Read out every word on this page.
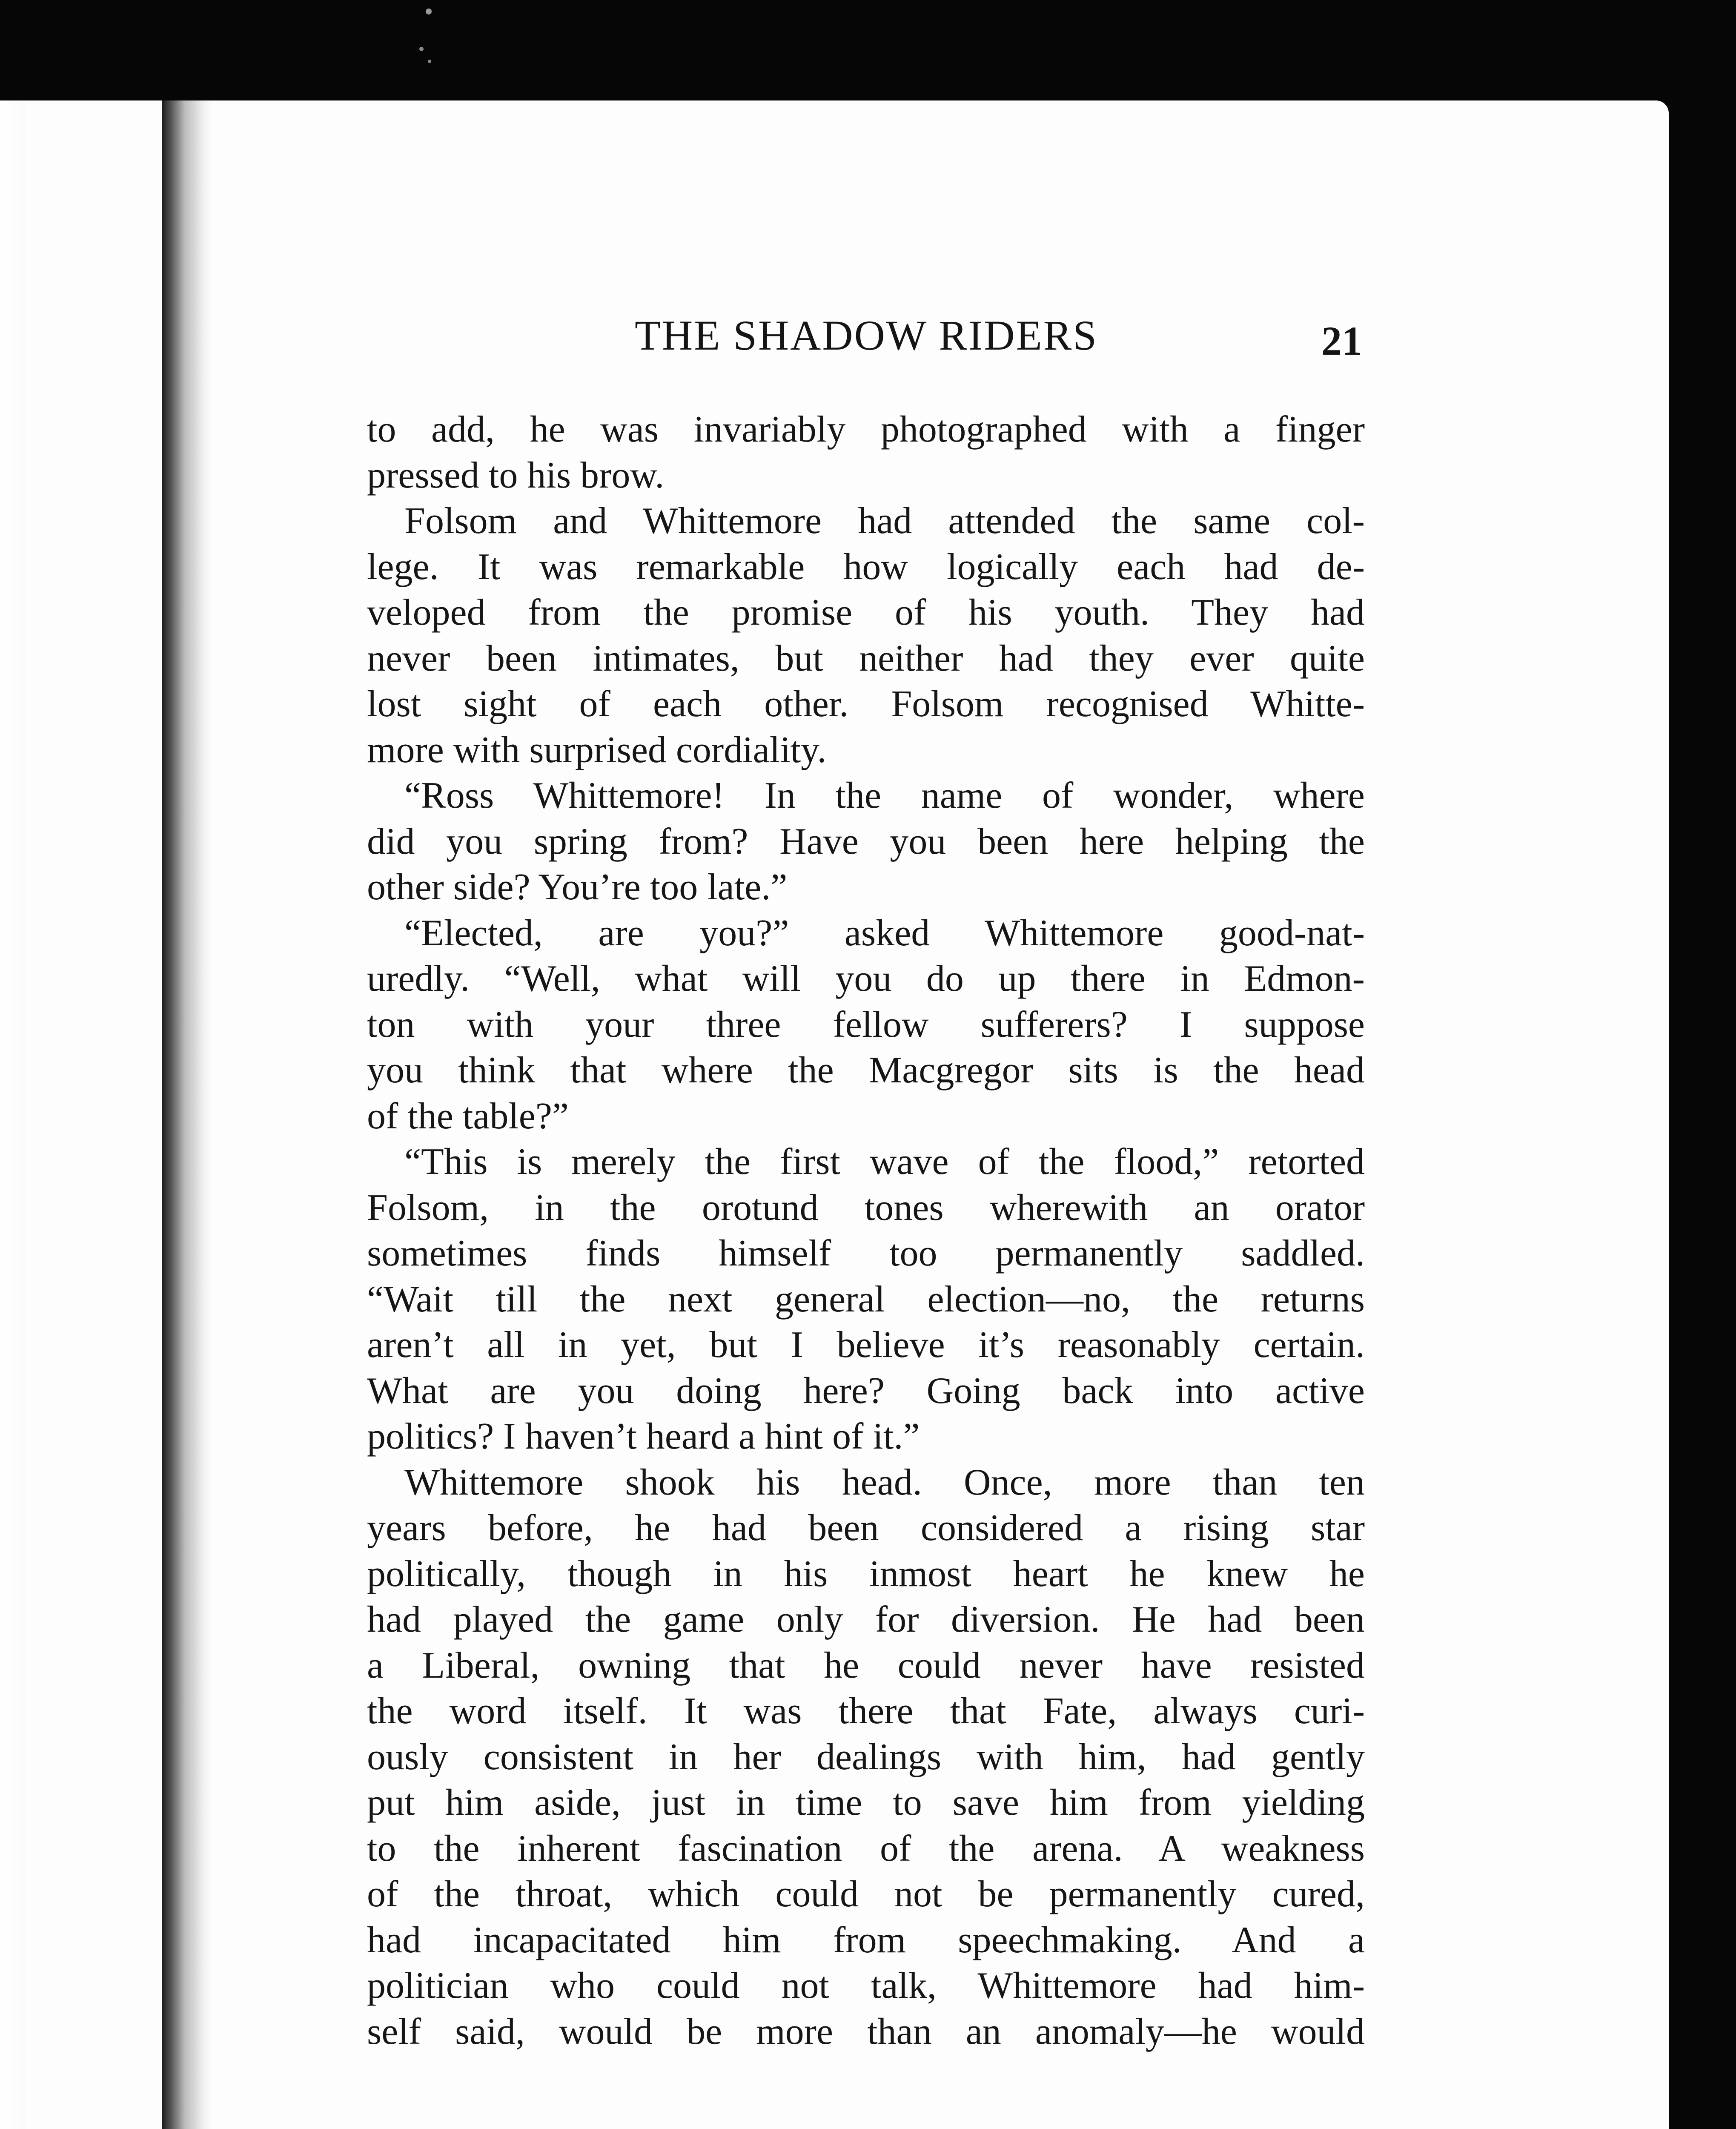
THE SHADOW RIDERS	21
to add, he was invariably photographed with a finger
pressed to his brow.
Folsom and Whittemore had attended the same col-
lege. It was remarkable how logically each had de-
veloped from the promise of his youth. They had
never been intimates, but neither had they ever quite
lost sight of each other. Folsom recognised Whitte-
more with surprised cordiality.
“Ross Whittemore! In the name of wonder, where
did you spring from? Have you been here helping the
other side? You’re too late.”
“Elected, are you?” asked Whittemore good-nat-
uredly. “Well, what will you do up there in Edmon-
ton with your three fellow sufferers? I suppose
you think that where the Macgregor sits is the head
of the table?”
“This is merely the first wave of the flood,” retorted
Folsom, in the orotund tones wherewith an orator
sometimes finds himself too permanently saddled.
“Wait till the next general election—no, the returns
aren’t all in yet, but I believe it’s reasonably certain.
What are you doing here? Going back into active
politics? I haven’t heard a hint of it.”
Whittemore shook his head. Once, more than ten
years before, he had been considered a rising star
politically, though in his inmost heart he knew he
had played the game only for diversion. He had been
a Liberal, owning that he could never have resisted
the word itself. It was there that Fate, always curi-
ously consistent in her dealings with him, had gently
put him aside, just in time to save him from yielding
to the inherent fascination of the arena. A weakness
of the throat, which could not be permanently cured,
had incapacitated him from speechmaking. And a
politician who could not talk, Whittemore had him-
self said, would be more than an anomaly—he would
